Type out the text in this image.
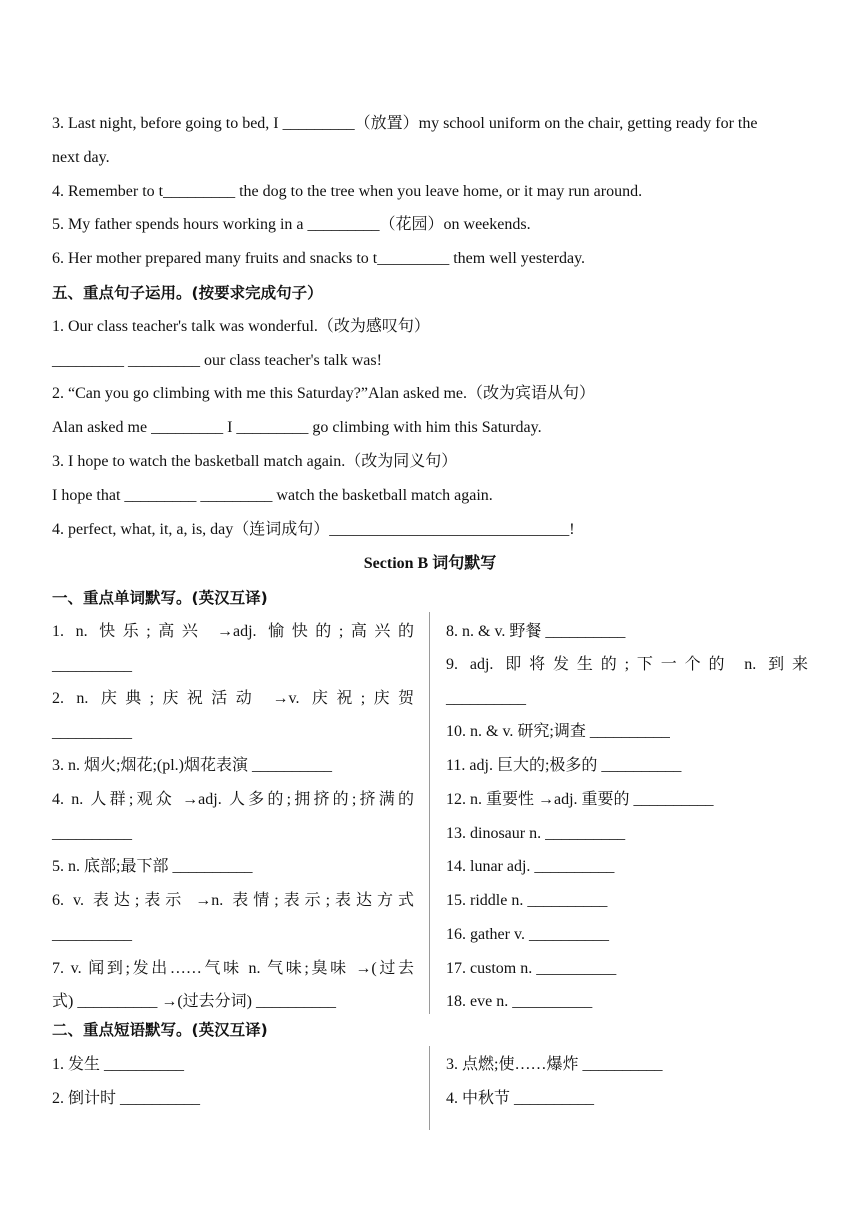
3. Last night, before going to bed, I _________（放置）my school uniform on the chair, getting ready for the
next day.
4. Remember to t_________ the dog to the tree when you leave home, or it may run around.
5. My father spends hours working in a _________（花园）on weekends.
6. Her mother prepared many fruits and snacks to t_________ them well yesterday.
五、重点句子运用。(按要求完成句子）
1. Our class teacher's talk was wonderful.（改为感叹句）
_________ _________ our class teacher's talk was!
2. “Can you go climbing with me this Saturday?”Alan asked me.（改为宾语从句）
Alan asked me _________ I _________ go climbing with him this Saturday.
3. I hope to watch the basketball match again.（改为同义句）
I hope that _________ _________ watch the basketball match again.
4. perfect, what, it, a, is, day（连词成句）______________________________!
Section B 词句默写
一、重点单词默写。(英汉互译)
1. n. 快乐;高兴 →adj. 愉快的;高兴的
__________
2. n. 庆典;庆祝活动 →v. 庆祝;庆贺
__________
3. n. 烟火;烟花;(pl.)烟花表演 __________
4. n. 人群;观众 →adj. 人多的;拥挤的;挤满的
__________
5. n. 底部;最下部 __________
6. v. 表达;表示 →n. 表情;表示;表达方式
__________
7. v. 闻到;发出……气味 n. 气味;臭味 →(过去
式) __________ →(过去分词) __________
8. n. & v. 野餐 __________
9. adj. 即将发生的;下一个的 n. 到来
__________
10. n. & v. 研究;调查 __________
11. adj. 巨大的;极多的 __________
12. n. 重要性 →adj. 重要的 __________
13. dinosaur n. __________
14. lunar adj. __________
15. riddle n. __________
16. gather v. __________
17. custom n. __________
18. eve n. __________
二、重点短语默写。(英汉互译)
1. 发生 __________
2. 倒计时 __________
3. 点燃;使……爆炸 __________
4. 中秋节 __________
